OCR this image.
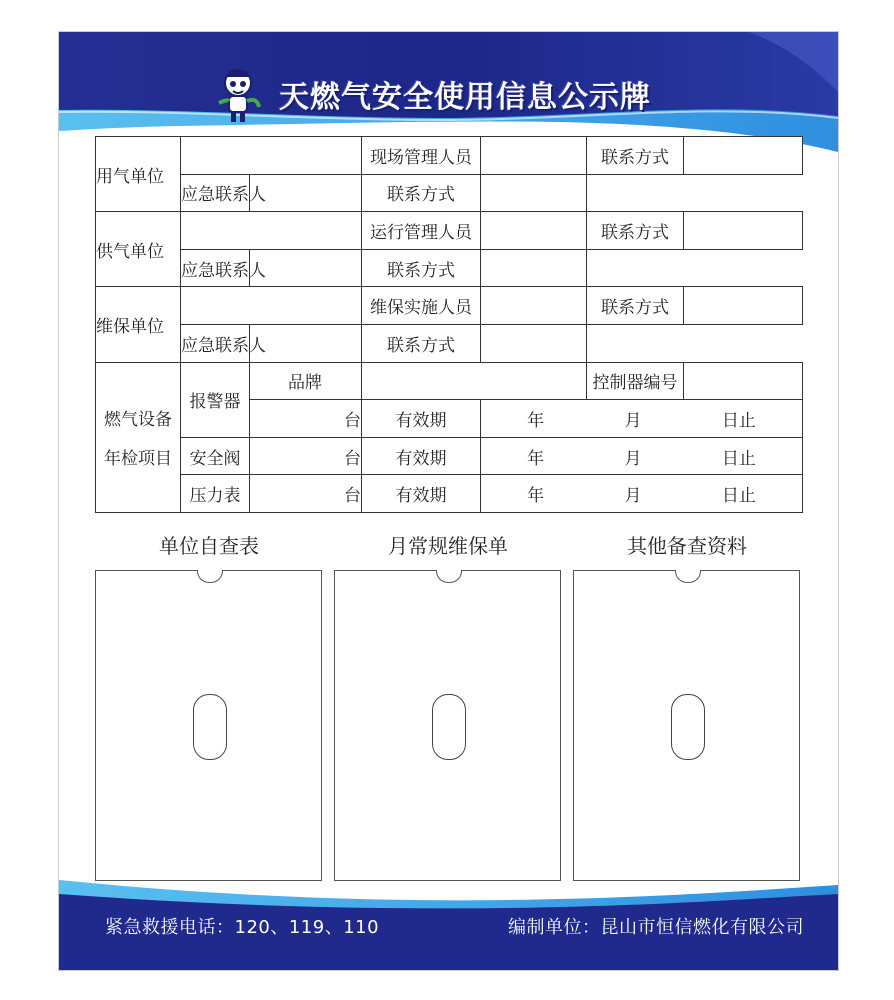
天燃气安全使用信息公示牌
用气单位			现场管理人员		联系方式	
	应急联系人		联系方式			
供气单位			运行管理人员		联系方式	
	应急联系人		联系方式			
维保单位			维保实施人员		联系方式	
	应急联系人		联系方式			

燃气设备
年检项目	报警器	品牌			控制器编号	
		台	有效期	年 月 日止		

	安全阀	台	有效期	年 月 日止		

	压力表	台	有效期	年 月 日止		
单位自查表	月常规维保单	其他备查资料
紧急救援电话：120、119、110	编制单位：昆山市恒信燃化有限公司
